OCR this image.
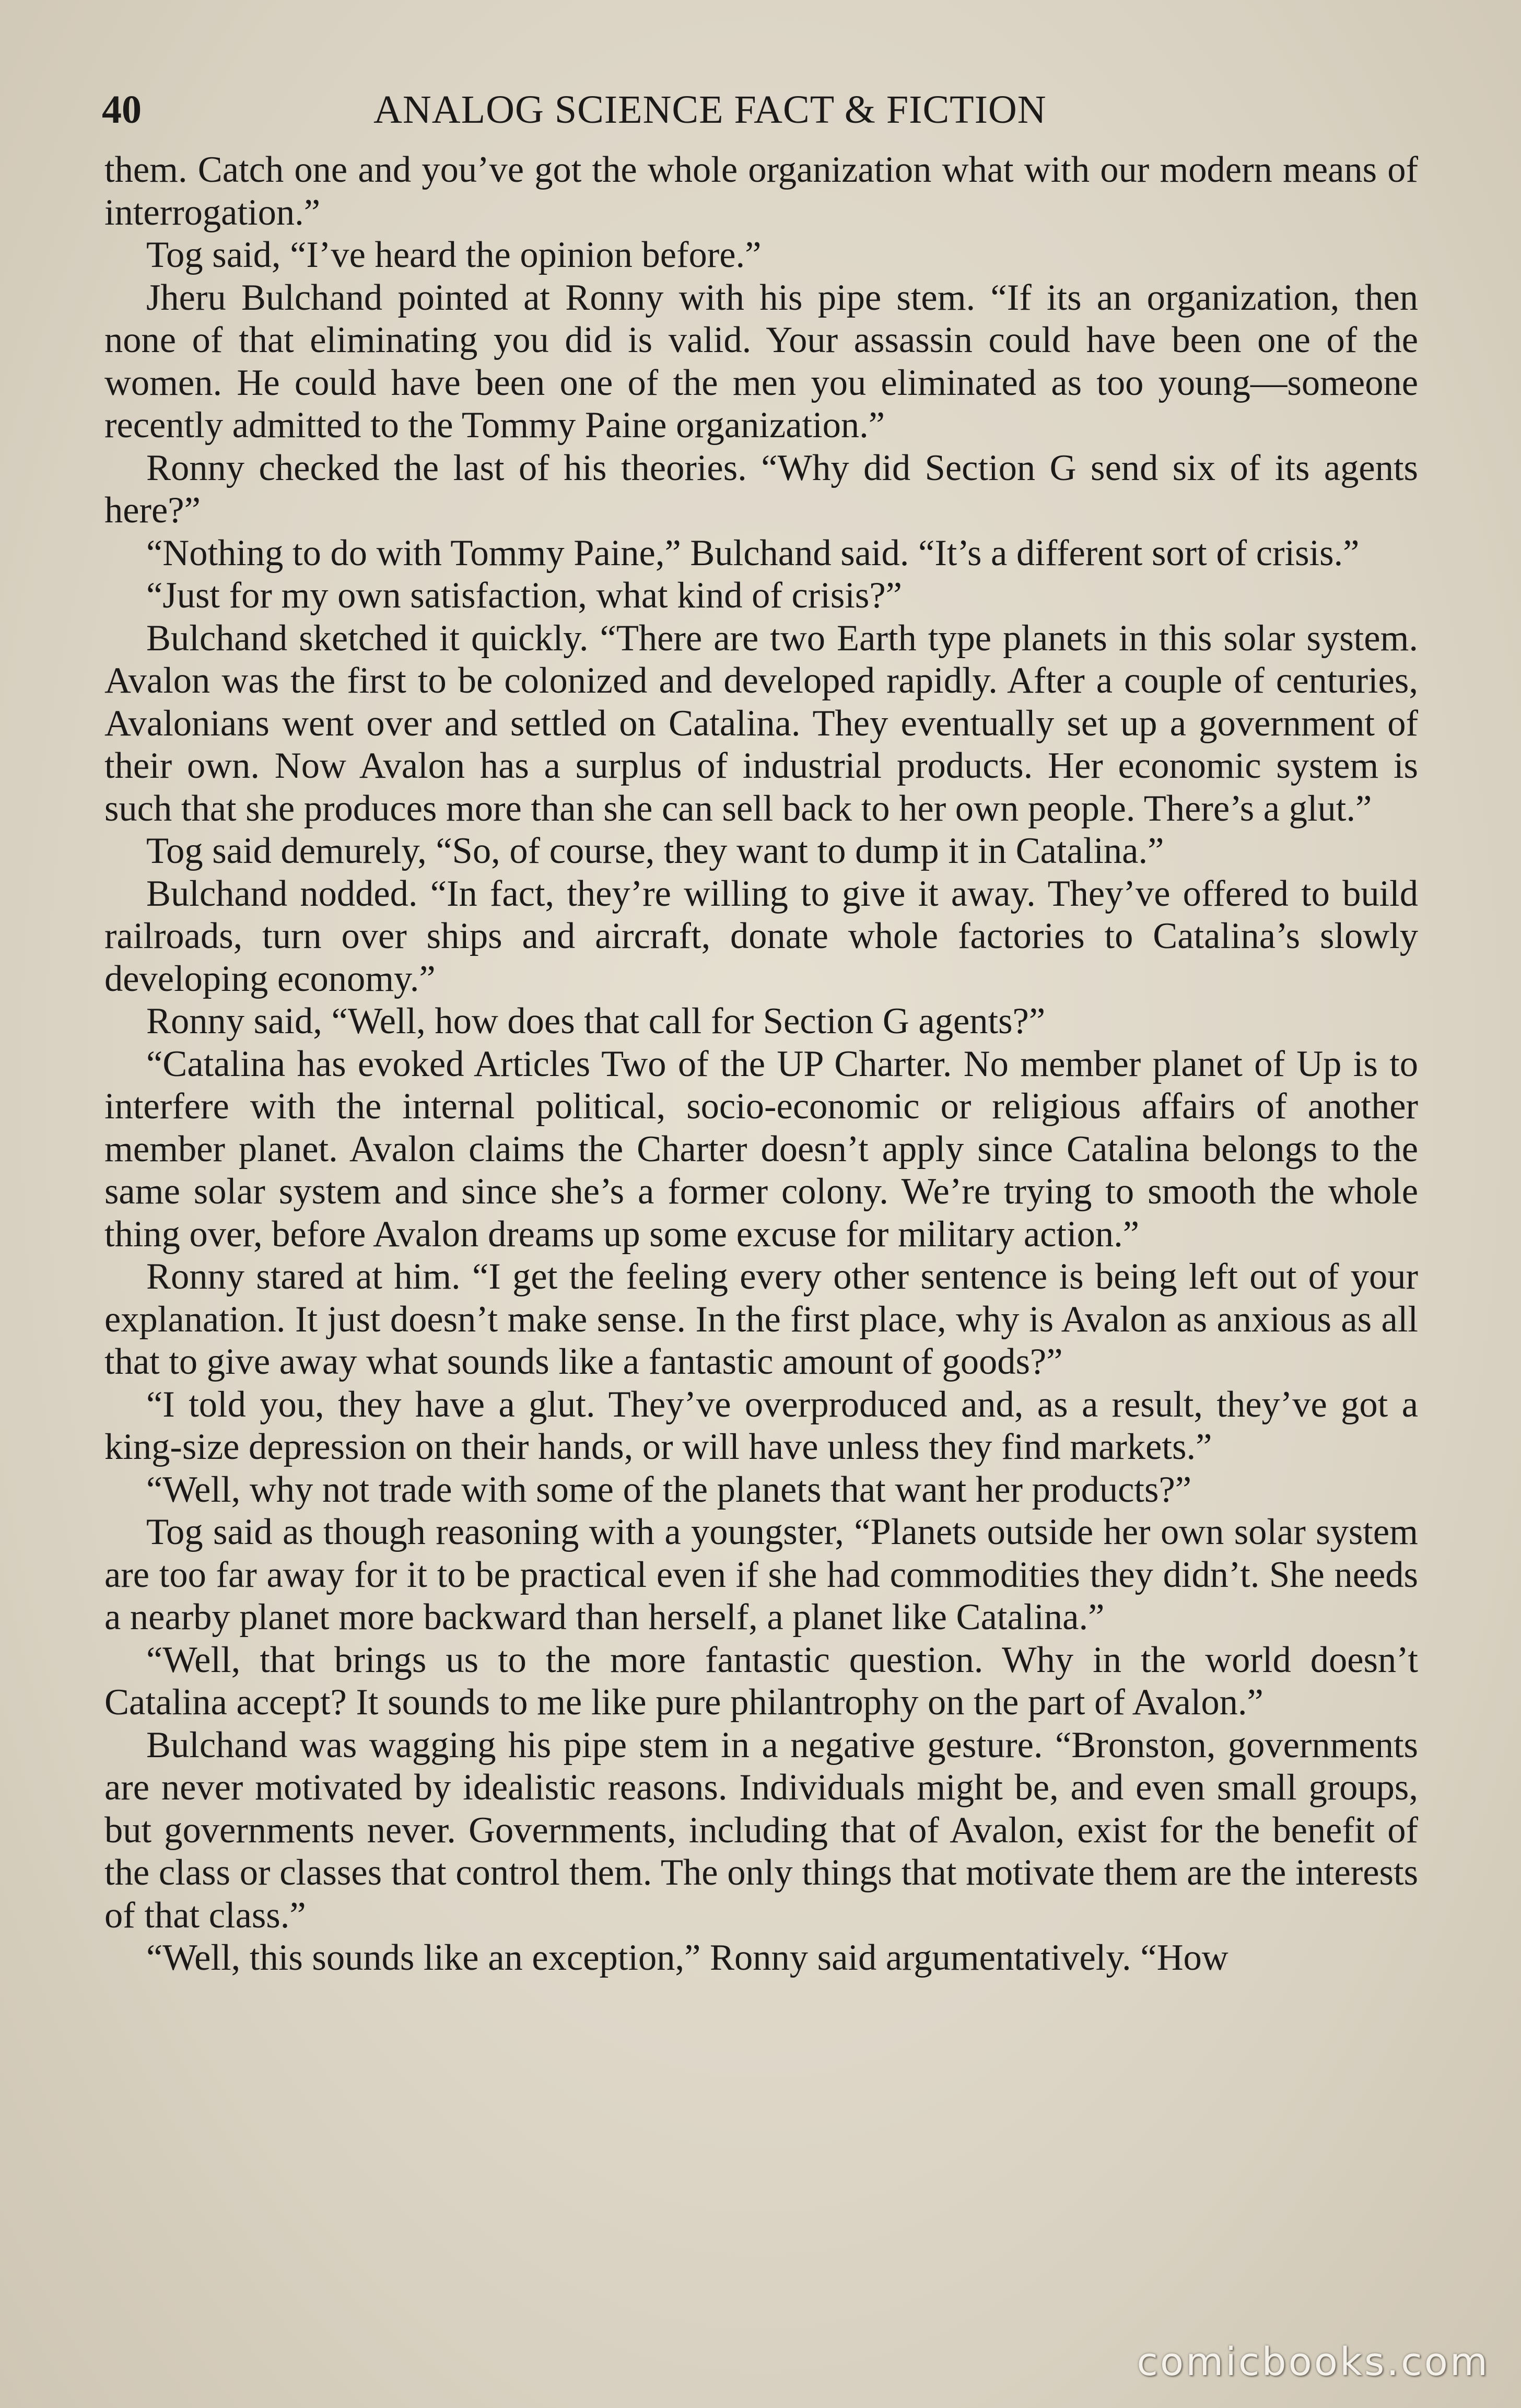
40	ANALOG SCIENCE FACT & FICTION

them. Catch one and you’ve got the whole organization what with our modern means of interrogation.”

Tog said, “I’ve heard the opinion before.”

Jheru Bulchand pointed at Ronny with his pipe stem. “If its an organization, then none of that eliminating you did is valid. Your assassin could have been one of the women. He could have been one of the men you eliminated as too young—someone recently admitted to the Tommy Paine organization.”

Ronny checked the last of his theories. “Why did Section G send six of its agents here?”

“Nothing to do with Tommy Paine,” Bulchand said. “It’s a different sort of crisis.”

“Just for my own satisfaction, what kind of crisis?”

Bulchand sketched it quickly. “There are two Earth type planets in this solar system. Avalon was the first to be colonized and developed rapidly. After a couple of centuries, Avalonians went over and settled on Catalina. They eventually set up a government of their own. Now Avalon has a surplus of industrial products. Her economic system is such that she produces more than she can sell back to her own people. There’s a glut.”

Tog said demurely, “So, of course, they want to dump it in Catalina.”

Bulchand nodded. “In fact, they’re willing to give it away. They’ve offered to build railroads, turn over ships and aircraft, donate whole factories to Catalina’s slowly developing economy.”

Ronny said, “Well, how does that call for Section G agents?”

“Catalina has evoked Articles Two of the UP Charter. No member planet of Up is to interfere with the internal political, socio-economic or religious affairs of another member planet. Avalon claims the Charter doesn’t apply since Catalina belongs to the same solar system and since she’s a former colony. We’re trying to smooth the whole thing over, before Avalon dreams up some excuse for military action.”

Ronny stared at him. “I get the feeling every other sentence is being left out of your explanation. It just doesn’t make sense. In the first place, why is Avalon as anxious as all that to give away what sounds like a fantastic amount of goods?”

“I told you, they have a glut. They’ve overproduced and, as a result, they’ve got a king-size depression on their hands, or will have unless they find markets.”

“Well, why not trade with some of the planets that want her products?”

Tog said as though reasoning with a youngster, “Planets outside her own solar system are too far away for it to be practical even if she had commodities they didn’t. She needs a nearby planet more backward than herself, a planet like Catalina.”

“Well, that brings us to the more fantastic question. Why in the world doesn’t Catalina accept? It sounds to me like pure philantrophy on the part of Avalon.”

Bulchand was wagging his pipe stem in a negative gesture. “Bronston, governments are never motivated by idealistic reasons. Individuals might be, and even small groups, but governments never. Governments, including that of Avalon, exist for the benefit of the class or classes that control them. The only things that motivate them are the interests of that class.”

“Well, this sounds like an exception,” Ronny said argumentatively. “How

comicbooks.com
